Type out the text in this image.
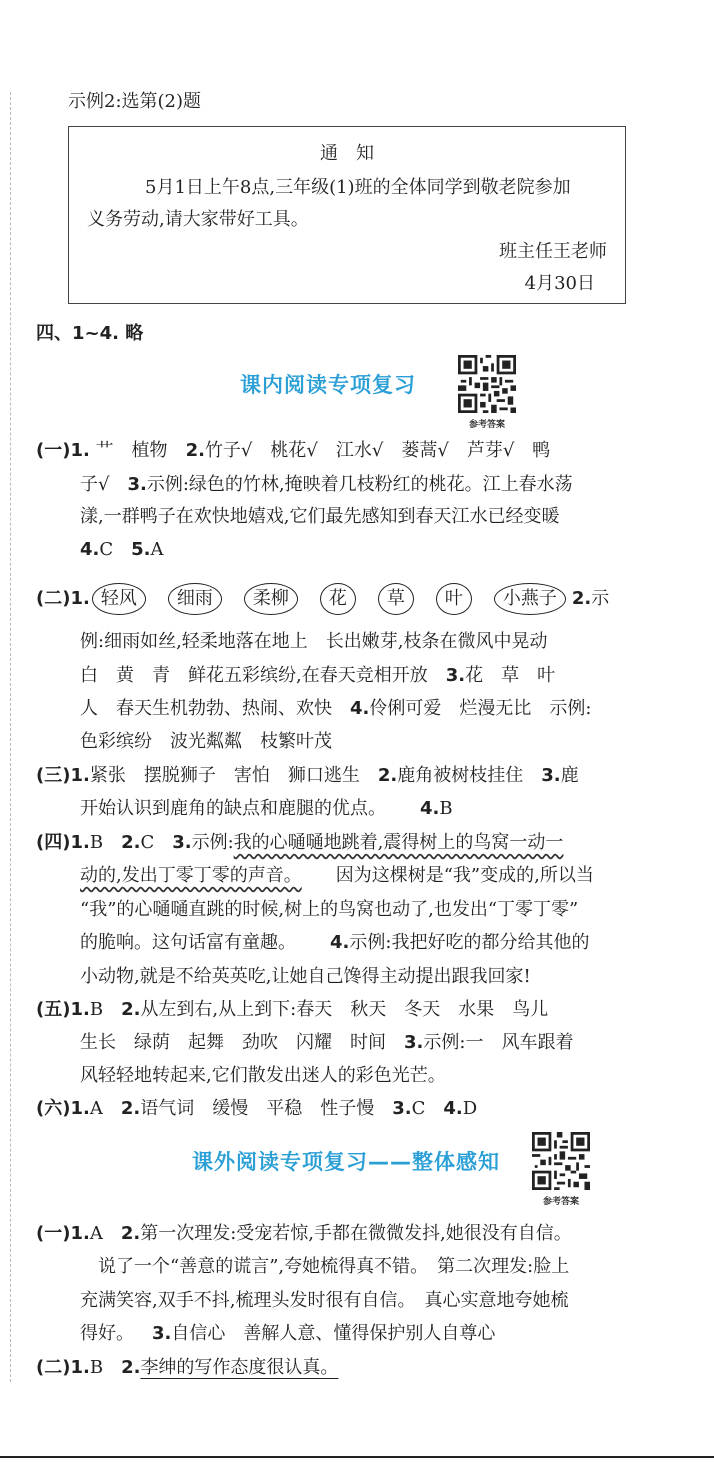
示例2:选第(2)题
通　知
5月1日上午8点,三年级(1)班的全体同学到敬老院参加
义务劳动,请大家带好工具。
班主任王老师
4月30日
四、1~4. 略
课内阅读专项复习
参考答案
(一)1. 艹　植物 2.竹子√　桃花√　江水√　蒌蒿√　芦芽√　鸭
子√ 3.示例:绿色的竹林,掩映着几枝粉红的桃花。江上春水荡
漾,一群鸭子在欢快地嬉戏,它们最先感知到春天江水已经变暖
4.C 5.A
(二)1. 轻风 细雨 柔柳 花 草 叶 小燕子 2.示
例:细雨如丝,轻柔地落在地上　长出嫩芽,枝条在微风中晃动
白　黄　青　鲜花五彩缤纷,在春天竞相开放 3.花　草　叶
人　春天生机勃勃、热闹、欢快 4.伶俐可爱　烂漫无比　示例:
色彩缤纷　波光粼粼　枝繁叶茂
(三)1.紧张　摆脱狮子　害怕　狮口逃生 2.鹿角被树枝挂住 3.鹿
开始认识到鹿角的缺点和鹿腿的优点。 4.B
(四)1.B 2.C 3.示例:我的心嗵嗵地跳着,震得树上的鸟窝一动一
动的,发出丁零丁零的声音。 因为这棵树是“我”变成的,所以当
“我”的心嗵嗵直跳的时候,树上的鸟窝也动了,也发出“丁零丁零”
的脆响。这句话富有童趣。 4.示例:我把好吃的都分给其他的
小动物,就是不给英英吃,让她自己馋得主动提出跟我回家!
(五)1.B 2.从左到右,从上到下:春天　秋天　冬天　水果　鸟儿
生长　绿荫　起舞　劲吹　闪耀　时间 3.示例:一　风车跟着
风轻轻地转起来,它们散发出迷人的彩色光芒。
(六)1.A 2.语气词　缓慢　平稳　性子慢 3.C 4.D
课外阅读专项复习——整体感知
参考答案
(一)1.A 2.第一次理发:受宠若惊,手都在微微发抖,她很没有自信。
说了一个“善意的谎言”,夸她梳得真不错。　第二次理发:脸上
充满笑容,双手不抖,梳理头发时很有自信。　真心实意地夸她梳
得好。 3.自信心　善解人意、懂得保护别人自尊心
(二)1.B 2.李绅的写作态度很认真。
